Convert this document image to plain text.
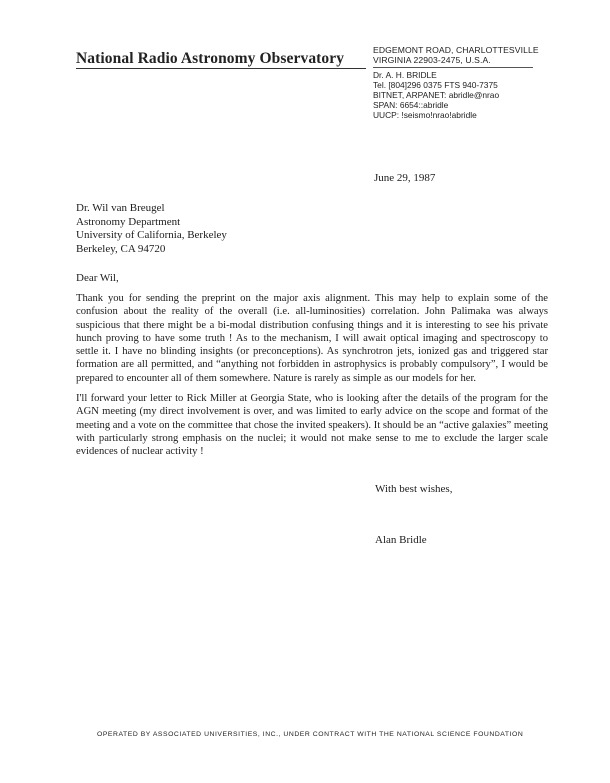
National Radio Astronomy Observatory	EDGEMONT ROAD, CHARLOTTESVILLE
VIRGINIA 22903-2475, U.S.A.
Dr. A. H. BRIDLE
Tel. [804]296 0375 FTS 940-7375
BITNET, ARPANET: abridle@nrao
SPAN: 6654::abridle
UUCP: !seismo!nrao!abridle
June 29, 1987
Dr. Wil van Breugel
Astronomy Department
University of California, Berkeley
Berkeley, CA 94720
Dear Wil,

Thank you for sending the preprint on the major axis alignment. This may help to explain some of the confusion about the reality of the overall (i.e. all-luminosities) correlation. John Palimaka was always suspicious that there might be a bi-modal distribution confusing things and it is interesting to see his private hunch proving to have some truth ! As to the mechanism, I will await optical imaging and spectroscopy to settle it. I have no blinding insights (or preconceptions). As synchrotron jets, ionized gas and triggered star formation are all permitted, and “anything not forbidden in astrophysics is probably compulsory”, I would be prepared to encounter all of them somewhere. Nature is rarely as simple as our models for her.

I'll forward your letter to Rick Miller at Georgia State, who is looking after the details of the program for the AGN meeting (my direct involvement is over, and was limited to early advice on the scope and format of the meeting and a vote on the committee that chose the invited speakers). It should be an “active galaxies” meeting with particularly strong emphasis on the nuclei; it would not make sense to me to exclude the larger scale evidences of nuclear activity !

With best wishes,
Alan Bridle
OPERATED BY ASSOCIATED UNIVERSITIES, INC., UNDER CONTRACT WITH THE NATIONAL SCIENCE FOUNDATION
